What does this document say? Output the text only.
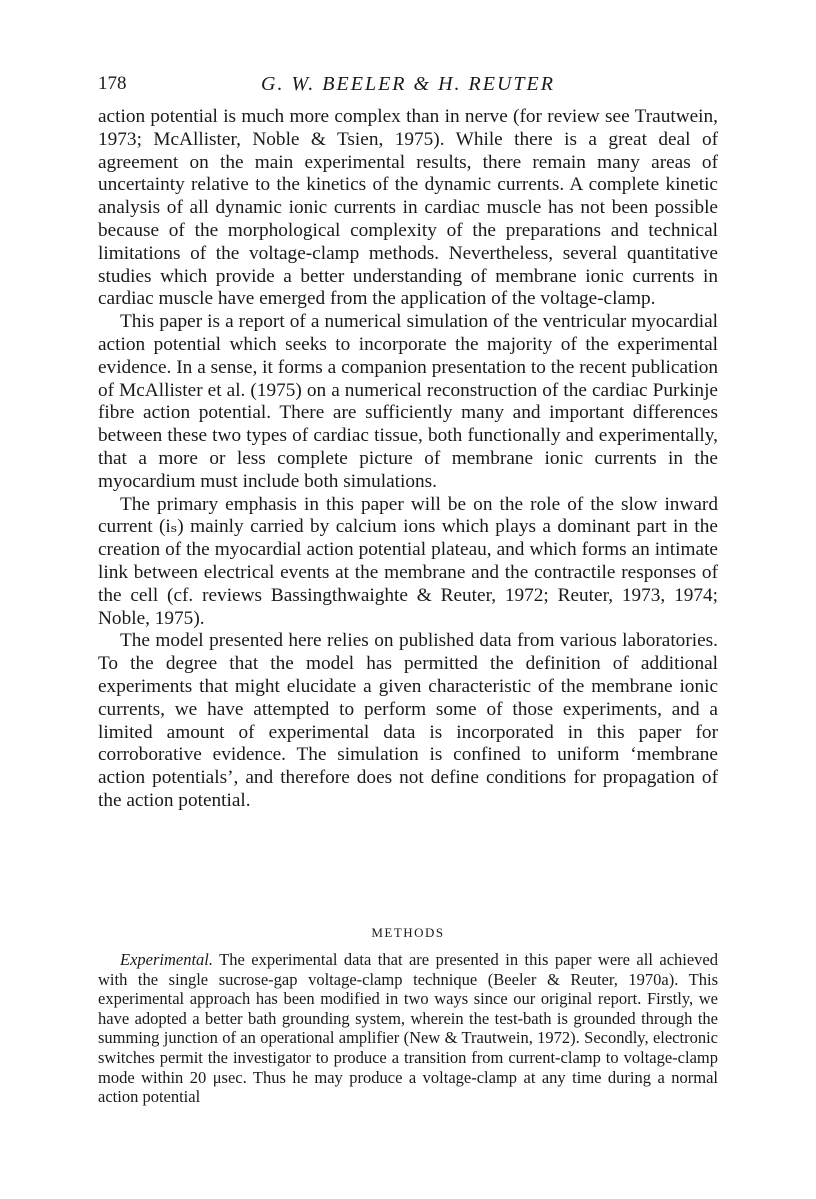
178	G. W. BEELER & H. REUTER

action potential is much more complex than in nerve (for review see Trautwein, 1973; McAllister, Noble & Tsien, 1975). While there is a great deal of agreement on the main experimental results, there remain many areas of uncertainty relative to the kinetics of the dynamic currents. A complete kinetic analysis of all dynamic ionic currents in cardiac muscle has not been possible because of the morphological complexity of the preparations and technical limitations of the voltage-clamp methods. Nevertheless, several quantitative studies which provide a better understanding of membrane ionic currents in cardiac muscle have emerged from the application of the voltage-clamp.

This paper is a report of a numerical simulation of the ventricular myocardial action potential which seeks to incorporate the majority of the experimental evidence. In a sense, it forms a companion presentation to the recent publication of McAllister et al. (1975) on a numerical reconstruction of the cardiac Purkinje fibre action potential. There are sufficiently many and important differences between these two types of cardiac tissue, both functionally and experimentally, that a more or less complete picture of membrane ionic currents in the myocardium must include both simulations.

The primary emphasis in this paper will be on the role of the slow inward current (iₛ) mainly carried by calcium ions which plays a dominant part in the creation of the myocardial action potential plateau, and which forms an intimate link between electrical events at the membrane and the contractile responses of the cell (cf. reviews Bassingthwaighte & Reuter, 1972; Reuter, 1973, 1974; Noble, 1975).

The model presented here relies on published data from various laboratories. To the degree that the model has permitted the definition of additional experiments that might elucidate a given characteristic of the membrane ionic currents, we have attempted to perform some of those experiments, and a limited amount of experimental data is incorporated in this paper for corroborative evidence. The simulation is confined to uniform ‘membrane action potentials’, and therefore does not define conditions for propagation of the action potential.

METHODS

Experimental. The experimental data that are presented in this paper were all achieved with the single sucrose-gap voltage-clamp technique (Beeler & Reuter, 1970a). This experimental approach has been modified in two ways since our original report. Firstly, we have adopted a better bath grounding system, wherein the test-bath is grounded through the summing junction of an operational amplifier (New & Trautwein, 1972). Secondly, electronic switches permit the investigator to produce a transition from current-clamp to voltage-clamp mode within 20 μsec. Thus he may produce a voltage-clamp at any time during a normal action potential
